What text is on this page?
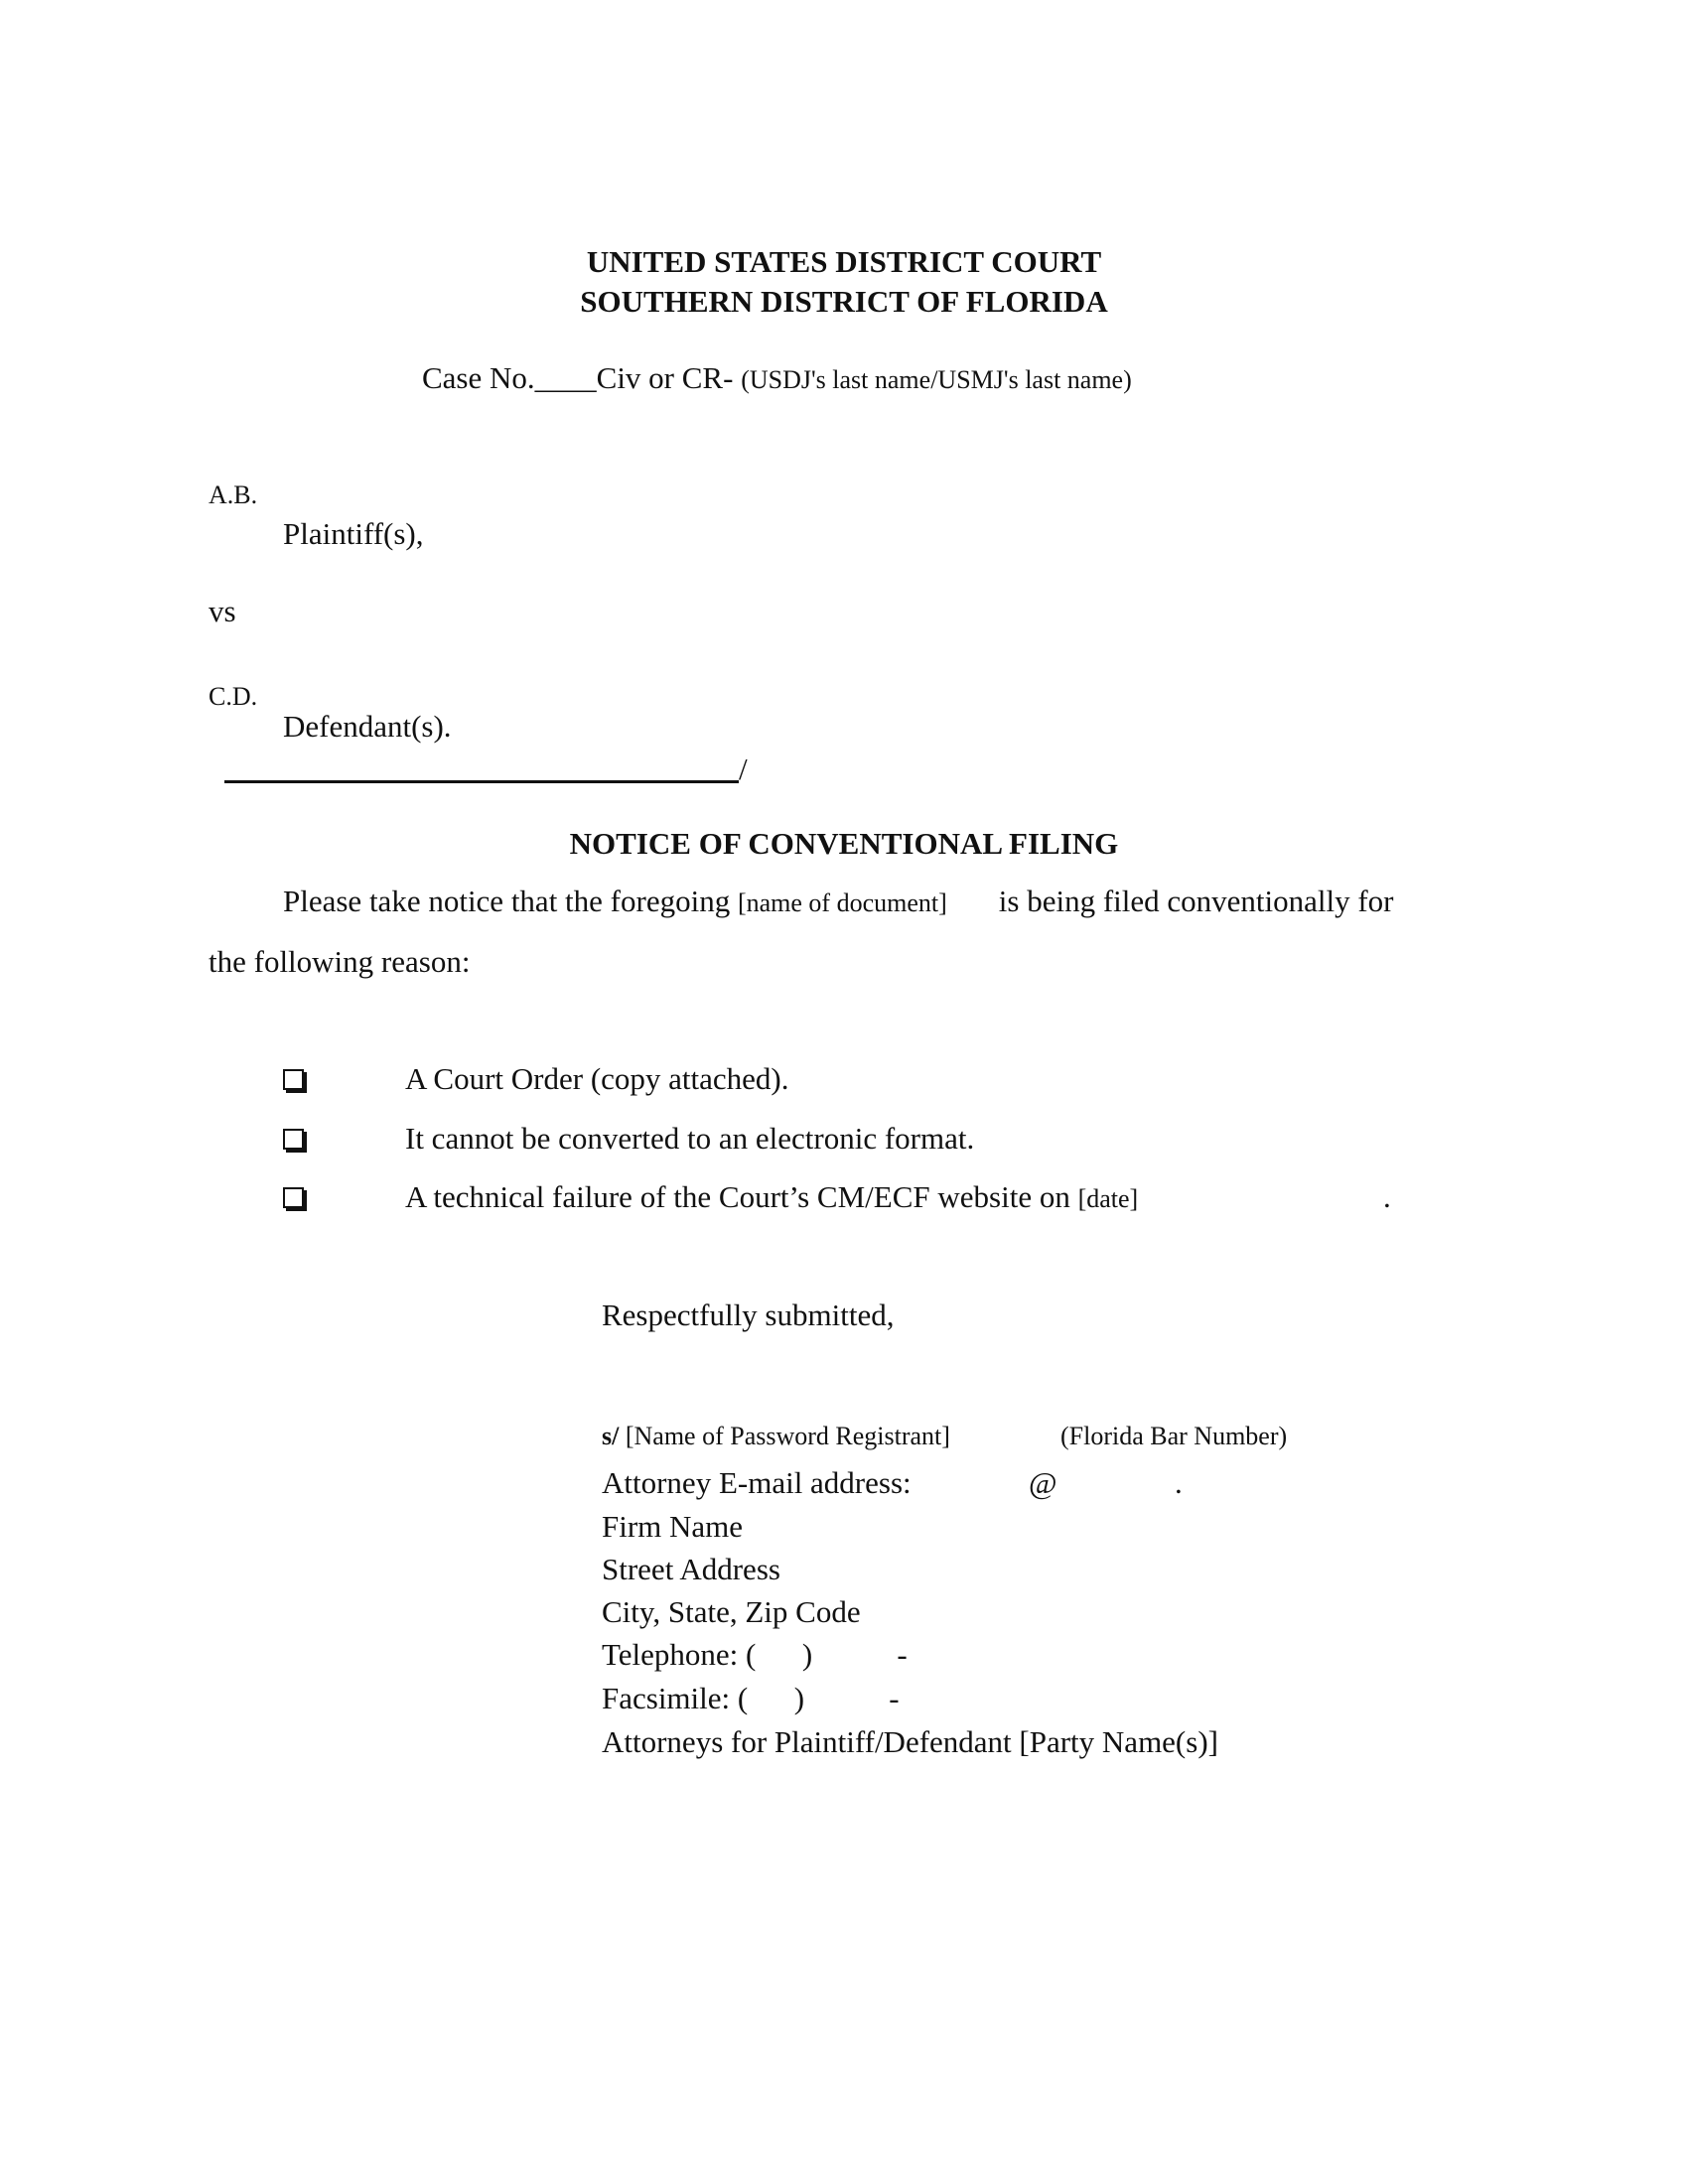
UNITED STATES DISTRICT COURT
SOUTHERN DISTRICT OF FLORIDA
Case No.____Civ or CR- (USDJ's last name/USMJ's last name)
A.B.
Plaintiff(s),
vs
C.D.
Defendant(s).
/
NOTICE OF CONVENTIONAL FILING
Please take notice that the foregoing [name of document] is being filed conventionally for
the following reason:
A Court Order (copy attached).
It cannot be converted to an electronic format.
A technical failure of the Court’s CM/ECF website on [date]	.
Respectfully submitted,
s/ [Name of Password Registrant]	(Florida Bar Number)
Attorney E-mail address:	@	.
Firm Name
Street Address
City, State, Zip Code
Telephone: (      )           -
Facsimile: (      )           -
Attorneys for Plaintiff/Defendant [Party Name(s)]
